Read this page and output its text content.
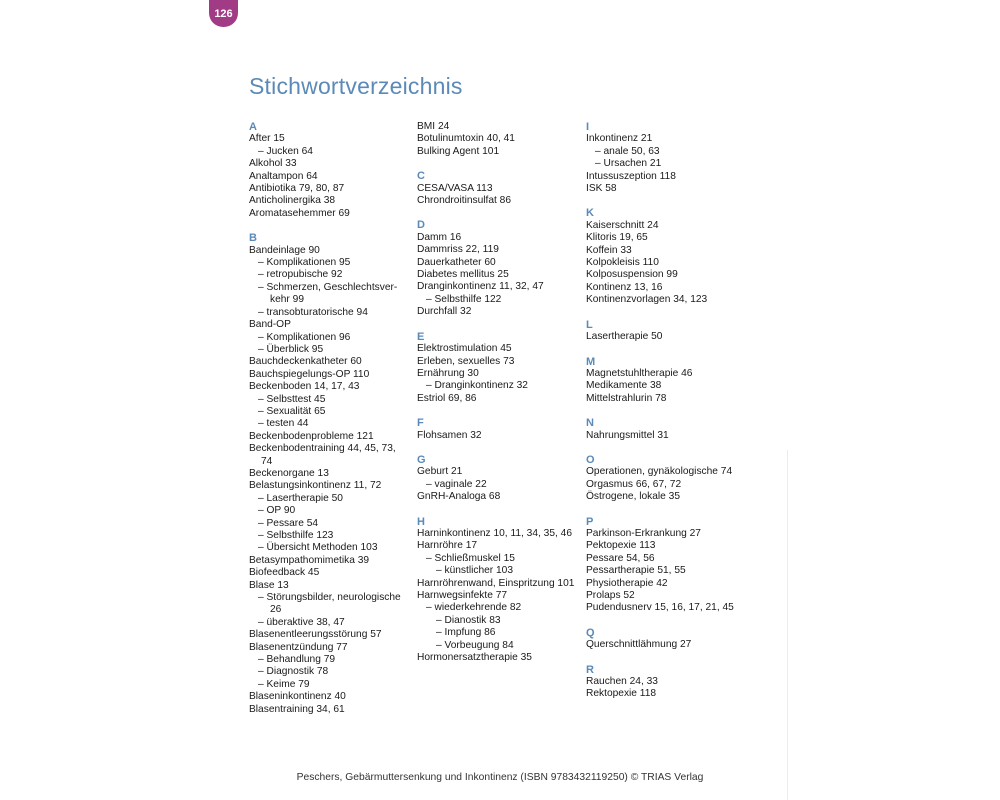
126
Stichwortverzeichnis
A
After 15
– Jucken 64
Alkohol 33
Analtampon 64
Antibiotika 79, 80, 87
Anticholinergika 38
Aromatasehemmer 69
B
Bandeinlage 90
– Komplikationen 95
– retropubische 92
– Schmerzen, Geschlechtsverkehr 99
– transobturatorische 94
Band-OP
– Komplikationen 96
– Überblick 95
Bauchdeckenkatheter 60
Bauchspiegelungs-OP 110
Beckenboden 14, 17, 43
– Selbsttest 45
– Sexualität 65
– testen 44
Beckenbodenprobleme 121
Beckenbodentraining 44, 45, 73, 74
Beckenorgane 13
Belastungsinkontinenz 11, 72
– Lasertherapie 50
– OP 90
– Pessare 54
– Selbsthilfe 123
– Übersicht Methoden 103
Betasympathomimetika 39
Biofeedback 45
Blase 13
– Störungsbilder, neurologische 26
– überaktive 38, 47
Blasenentleerungsstörung 57
Blasenentzündung 77
– Behandlung 79
– Diagnostik 78
– Keime 79
Blaseninkontinenz 40
Blasentraining 34, 61
BMI 24
Botulinumtoxin 40, 41
Bulking Agent 101
C
CESA/VASA 113
Chrondroitinsulfat 86
D
Damm 16
Dammriss 22, 119
Dauerkatheter 60
Diabetes mellitus 25
Dranginkontinenz 11, 32, 47
– Selbsthilfe 122
Durchfall 32
E
Elektrostimulation 45
Erleben, sexuelles 73
Ernährung 30
– Dranginkontinenz 32
Estriol 69, 86
F
Flohsamen 32
G
Geburt 21
– vaginale 22
GnRH-Analoga 68
H
Harninkontinenz 10, 11, 34, 35, 46
Harnröhre 17
– Schließmuskel 15
– künstlicher 103
Harnröhrenwand, Einspritzung 101
Harnwegsinfekte 77
– wiederkehrende 82
– Dianostik 83
– Impfung 86
– Vorbeugung 84
Hormonersatztherapie 35
I
Inkontinenz 21
– anale 50, 63
– Ursachen 21
Intussuszeption 118
ISK 58
K
Kaiserschnitt 24
Klitoris 19, 65
Koffein 33
Kolpokleisis 110
Kolposuspension 99
Kontinenz 13, 16
Kontinenzvorlagen 34, 123
L
Lasertherapie 50
M
Magnetstuhltherapie 46
Medikamente 38
Mittelstrahlurin 78
N
Nahrungsmittel 31
O
Operationen, gynäkologische 74
Orgasmus 66, 67, 72
Östrogene, lokale 35
P
Parkinson-Erkrankung 27
Pektopexie 113
Pessare 54, 56
Pessartherapie 51, 55
Physiotherapie 42
Prolaps 52
Pudendusnerv 15, 16, 17, 21, 45
Q
Querschnittlähmung 27
R
Rauchen 24, 33
Rektopexie 118
Peschers, Gebärmuttersenkung und Inkontinenz (ISBN 9783432119250) © TRIAS Verlag
